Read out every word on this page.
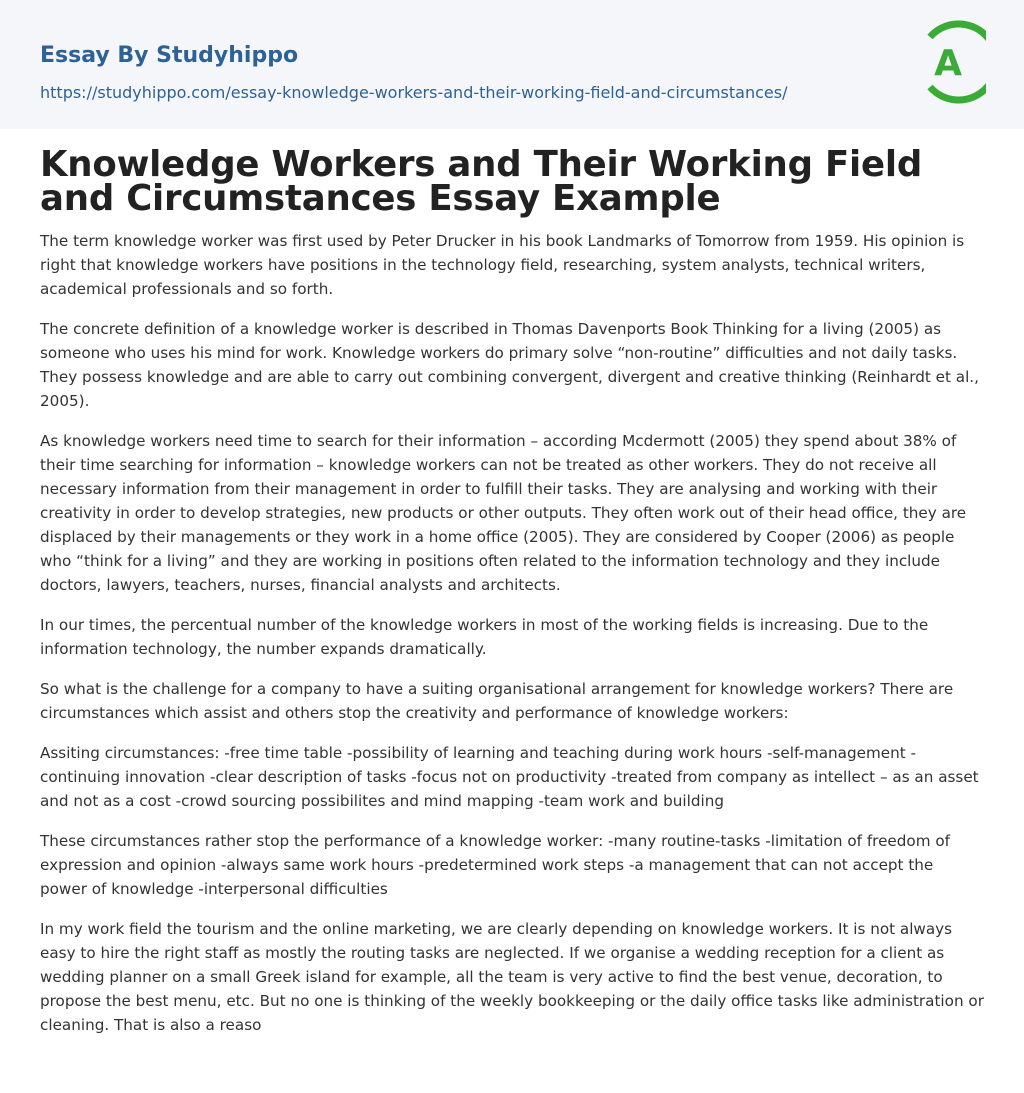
Essay By Studyhippo
https://studyhippo.com/essay-knowledge-workers-and-their-working-field-and-circumstances/
A
Knowledge Workers and Their Working Field and Circumstances Essay Example

The term knowledge worker was first used by Peter Drucker in his book Landmarks of Tomorrow from 1959. His opinion is right that knowledge workers have positions in the technology field, researching, system analysts, technical writers, academical professionals and so forth.

The concrete definition of a knowledge worker is described in Thomas Davenports Book Thinking for a living (2005) as someone who uses his mind for work. Knowledge workers do primary solve “non-routine” difficulties and not daily tasks. They possess knowledge and are able to carry out combining convergent, divergent and creative thinking (Reinhardt et al., 2005).

As knowledge workers need time to search for their information – according Mcdermott (2005) they spend about 38% of their time searching for information – knowledge workers can not be treated as other workers. They do not receive all necessary information from their management in order to fulfill their tasks. They are analysing and working with their creativity in order to develop strategies, new products or other outputs. They often work out of their head office, they are displaced by their managements or they work in a home office (2005). They are considered by Cooper (2006) as people who “think for a living” and they are working in positions often related to the information technology and they include doctors, lawyers, teachers, nurses, financial analysts and architects.

In our times, the percentual number of the knowledge workers in most of the working fields is increasing. Due to the information technology, the number expands dramatically.

So what is the challenge for a company to have a suiting organisational arrangement for knowledge workers? There are circumstances which assist and others stop the creativity and performance of knowledge workers:

Assiting circumstances: -free time table -possibility of learning and teaching during work hours -self-management -continuing innovation -clear description of tasks -focus not on productivity -treated from company as intellect – as an asset and not as a cost -crowd sourcing possibilites and mind mapping -team work and building

These circumstances rather stop the performance of a knowledge worker: -many routine-tasks -limitation of freedom of expression and opinion -always same work hours -predetermined work steps -a management that can not accept the power of knowledge -interpersonal difficulties

In my work field the tourism and the online marketing, we are clearly depending on knowledge workers. It is not always easy to hire the right staff as mostly the routing tasks are neglected. If we organise a wedding reception for a client as wedding planner on a small Greek island for example, all the team is very active to find the best venue, decoration, to propose the best menu, etc. But no one is thinking of the weekly bookkeeping or the daily office tasks like administration or cleaning. That is also a reaso
